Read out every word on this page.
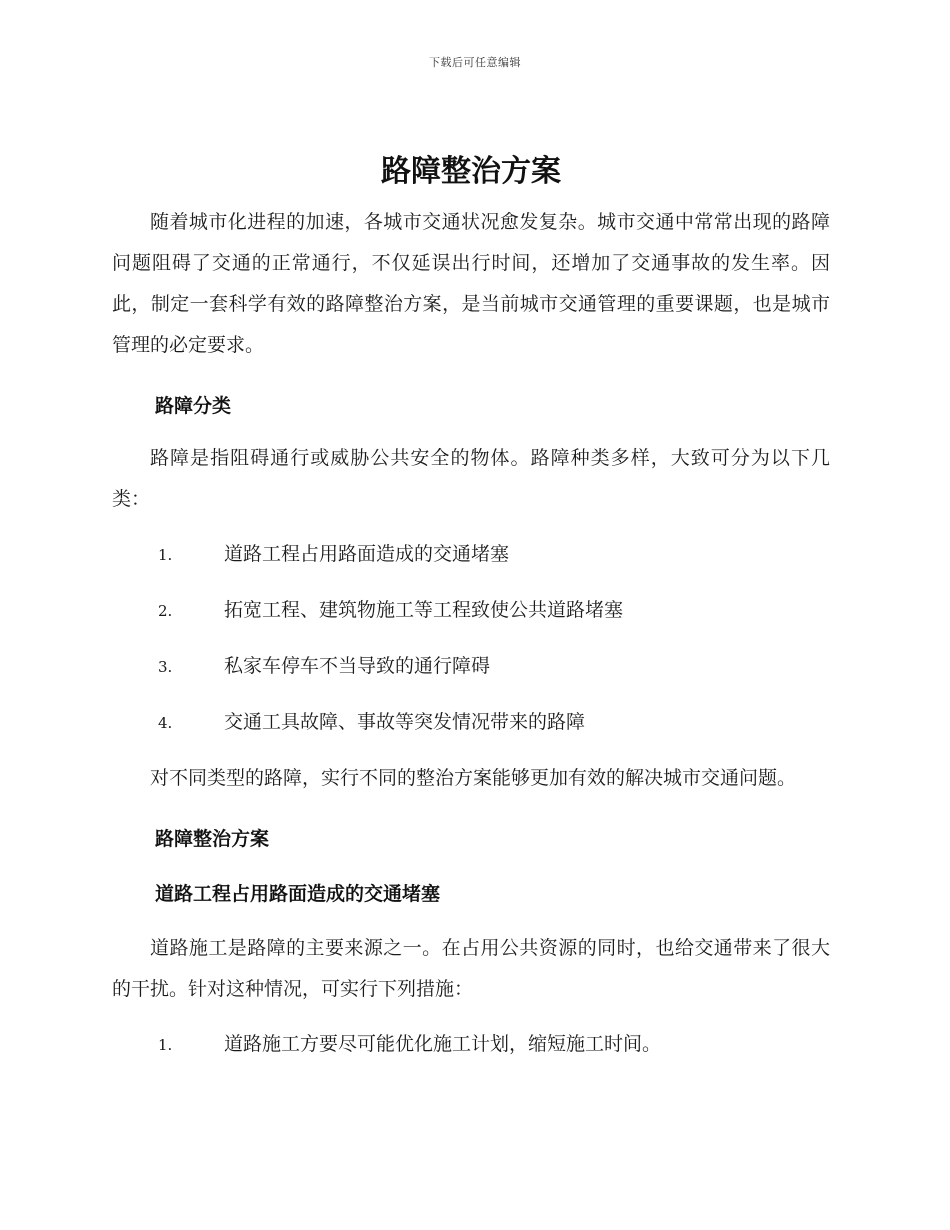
下载后可任意编辑
路障整治方案

随着城市化进程的加速，各城市交通状况愈发复杂。城市交通中常常出现的路障问题阻碍了交通的正常通行，不仅延误出行时间，还增加了交通事故的发生率。因此，制定一套科学有效的路障整治方案，是当前城市交通管理的重要课题，也是城市管理的必定要求。

路障分类

路障是指阻碍通行或威胁公共安全的物体。路障种类多样，大致可分为以下几类：

1.	道路工程占用路面造成的交通堵塞
2.	拓宽工程、建筑物施工等工程致使公共道路堵塞
3.	私家车停车不当导致的通行障碍
4.	交通工具故障、事故等突发情况带来的路障

对不同类型的路障，实行不同的整治方案能够更加有效的解决城市交通问题。

路障整治方案
道路工程占用路面造成的交通堵塞

道路施工是路障的主要来源之一。在占用公共资源的同时，也给交通带来了很大的干扰。针对这种情况，可实行下列措施：

1.	道路施工方要尽可能优化施工计划，缩短施工时间。
